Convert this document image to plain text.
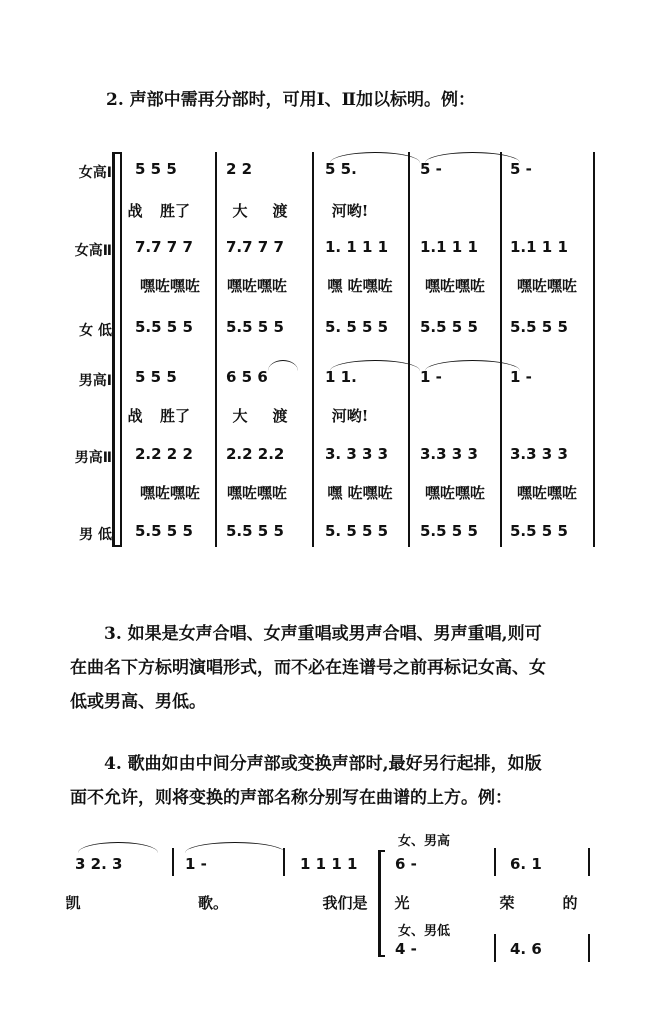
2. 声部中需再分部时，可用Ⅰ、Ⅱ加以标明。例：
女高Ⅰ 5 5 5	2 2	5 5.	5 -	5 -
战	胜了	大	渡	河哟!
女高Ⅱ 7.7 7 7	7.7 7 7	1. 1 1 1	1.1 1 1	1.1 1 1
嘿咗嘿咗	嘿咗嘿咗	嘿 咗嘿咗	嘿咗嘿咗	嘿咗嘿咗
女 低 5.5 5 5	5.5 5 5	5. 5 5 5	5.5 5 5	5.5 5 5
男高Ⅰ 5 5 5	6 5 6	1 1.	1 -	1 -
战	胜了	大	渡	河哟!
男高Ⅱ 2.2 2 2	2.2 2.2	3. 3 3 3	3.3 3 3	3.3 3 3
嘿咗嘿咗	嘿咗嘿咗	嘿 咗嘿咗	嘿咗嘿咗	嘿咗嘿咗
男 低 5.5 5 5	5.5 5 5	5. 5 5 5	5.5 5 5	5.5 5 5
3. 如果是女声合唱、女声重唱或男声合唱、男声重唱,则可
在曲名下方标明演唱形式，而不必在连谱号之前再标记女高、女
低或男高、男低。
4. 歌曲如由中间分声部或变换声部时,最好另行起排，如版
面不允许，则将变换的声部名称分别写在曲谱的上方。例：
女、男高
3 2. 3	1 -	1 1 1 1	6 -	6. 1
凯	歌。	我们是	光	荣	的
女、男低
4 -	4. 6
